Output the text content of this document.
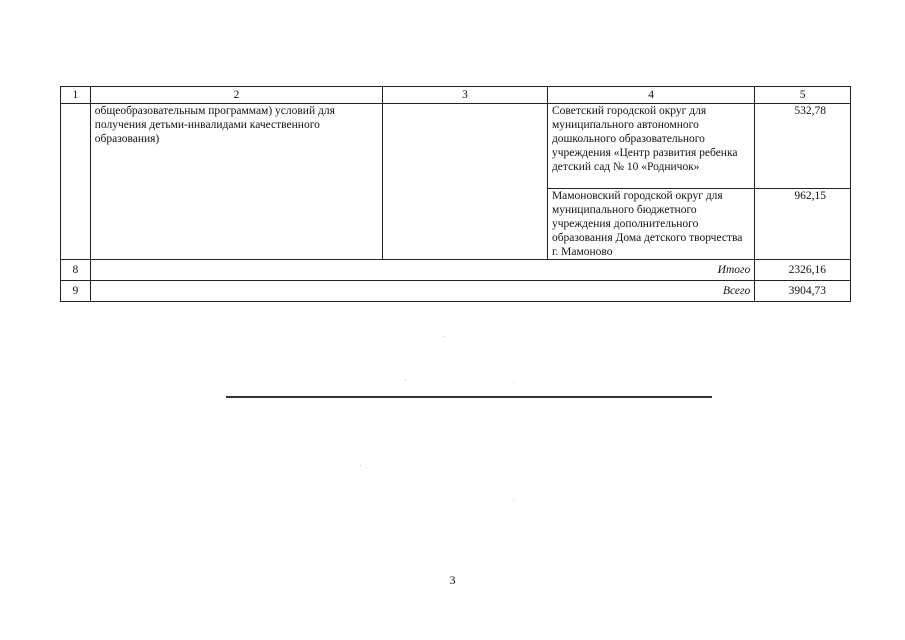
1	2	3	4	5
	общеобразовательным программам) условий для получения детьми-инвалидами качественного образования)		Советский городской округ для муниципального автономного дошкольного образовательного учреждения «Центр развития ребенка детский сад № 10 «Родничок»	532,78
			Мамоновский городской округ для муниципального бюджетного учреждения дополнительного образования Дома детского творчества г. Мамоново	962,15
8	Итого			2326,16
9	Всего			3904,73
3
